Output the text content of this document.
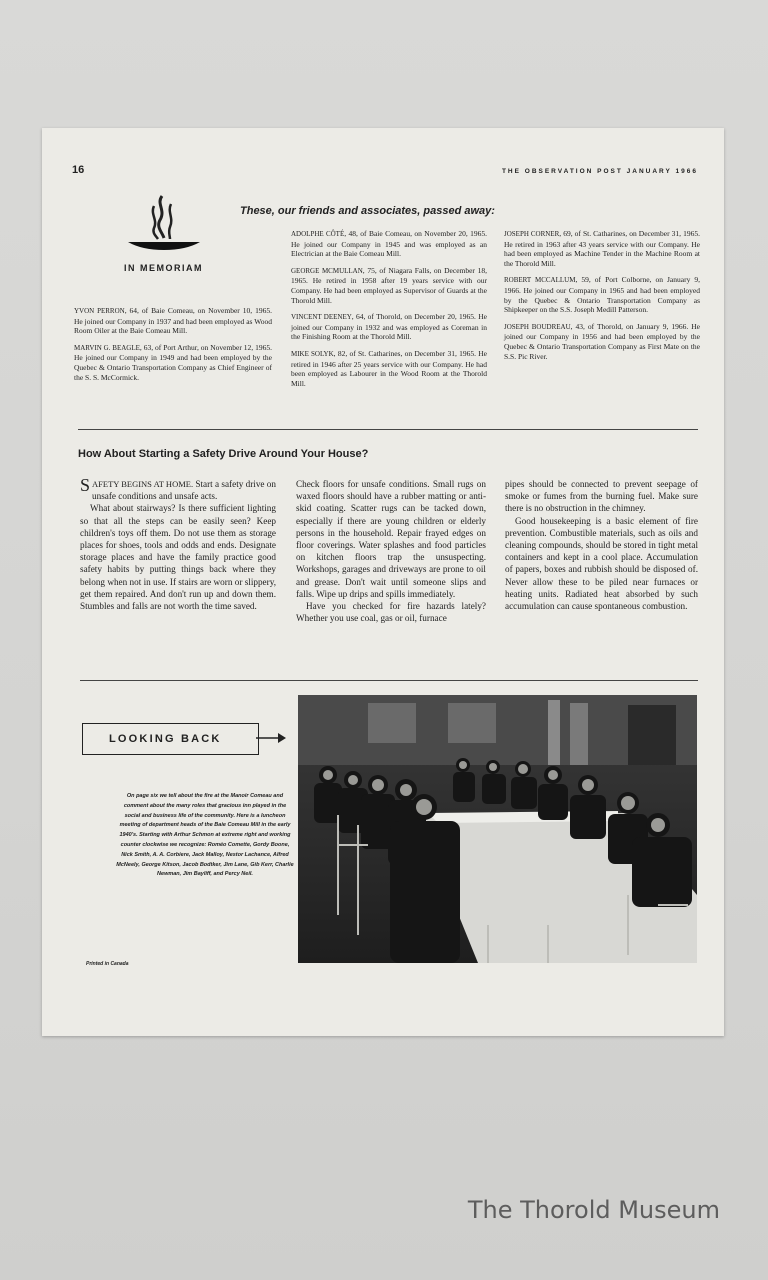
16	THE OBSERVATION POST JANUARY 1966
These, our friends and associates, passed away:
IN MEMORIAM

YVON PERRON, 64, of Baie Comeau, on November 10, 1965. He joined our Company in 1937 and had been employed as Wood Room Oiler at the Baie Comeau Mill.

MARVIN G. BEAGLE, 63, of Port Arthur, on November 12, 1965. He joined our Company in 1949 and had been employed by the Quebec & Ontario Transportation Company as Chief Engineer of the S. S. McCormick.

ADOLPHE CÔTÉ, 48, of Baie Comeau, on November 20, 1965. He joined our Company in 1945 and was employed as an Electrician at the Baie Comeau Mill.

GEORGE MCMULLAN, 75, of Niagara Falls, on December 18, 1965. He retired in 1958 after 19 years service with our Company. He had been employed as Supervisor of Guards at the Thorold Mill.

VINCENT DEENEY, 64, of Thorold, on December 20, 1965. He joined our Company in 1932 and was employed as Coreman in the Finishing Room at the Thorold Mill.

MIKE SOLYK, 82, of St. Catharines, on December 31, 1965. He retired in 1946 after 25 years service with our Company. He had been employed as Labourer in the Wood Room at the Thorold Mill.

JOSEPH CORNER, 69, of St. Catharines, on December 31, 1965. He retired in 1963 after 43 years service with our Company. He had been employed as Machine Tender in the Machine Room at the Thorold Mill.

ROBERT MCCALLUM, 59, of Port Colborne, on January 9, 1966. He joined our Company in 1965 and had been employed by the Quebec & Ontario Transportation Company as Shipkeeper on the S.S. Joseph Medill Patterson.

JOSEPH BOUDREAU, 43, of Thorold, on January 9, 1966. He joined our Company in 1956 and had been employed by the Quebec & Ontario Transportation Company as First Mate on the S.S. Pic River.

How About Starting a Safety Drive Around Your House?

SAFETY BEGINS AT HOME. Start a safety drive on unsafe conditions and unsafe acts.

What about stairways? Is there sufficient lighting so that all the steps can be easily seen? Keep children's toys off them. Do not use them as storage places for shoes, tools and odds and ends. Designate storage places and have the family practice good safety habits by putting things back where they belong when not in use. If stairs are worn or slippery, get them repaired. And don't run up and down them. Stumbles and falls are not worth the time saved.

Check floors for unsafe conditions. Small rugs on waxed floors should have a rubber matting or anti-skid coating. Scatter rugs can be tacked down, especially if there are young children or elderly persons in the household. Repair frayed edges on floor coverings. Water splashes and food particles on kitchen floors trap the unsuspecting. Workshops, garages and driveways are prone to oil and grease. Don't wait until someone slips and falls. Wipe up drips and spills immediately.

Have you checked for fire hazards lately? Whether you use coal, gas or oil, furnace

pipes should be connected to prevent seepage of smoke or fumes from the burning fuel. Make sure there is no obstruction in the chimney.

Good housekeeping is a basic element of fire prevention. Combustible materials, such as oils and cleaning compounds, should be stored in tight metal containers and kept in a cool place. Accumulation of papers, boxes and rubbish should be disposed of. Never allow these to be piled near furnaces or heating units. Radiated heat absorbed by such accumulation can cause spontaneous combustion.

LOOKING BACK
On page six we tell about the fire at the Manoir Comeau and comment about the many roles that gracious inn played in the social and business life of the community. Here is a luncheon meeting of department heads of the Baie Comeau Mill in the early 1940's. Starting with Arthur Schmon at extreme right and working counter clockwise we recognize: Roméo Comette, Gordy Boone, Nick Smith, A. A. Corbiere, Jack Malloy, Nestor Lachance, Alfred McNeely, George Kitson, Jacob Bodtker, Jim Lane, Gib Kerr, Charlie Newman, Jim Bayliff, and Percy Neil.
Printed in Canada
The Thorold Museum
